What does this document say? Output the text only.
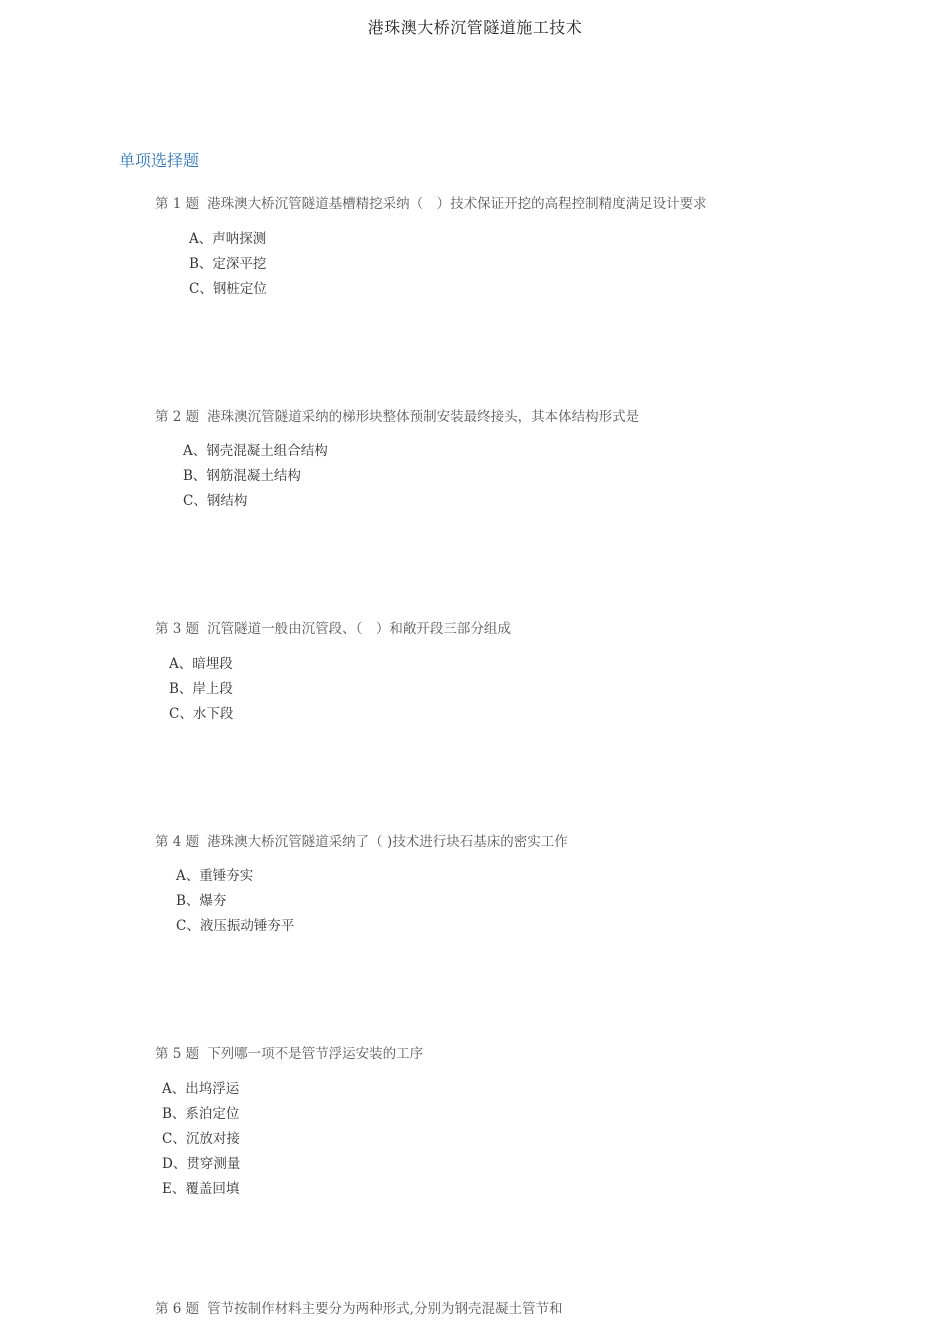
港珠澳大桥沉管隧道施工技术
单项选择题
第 1 题 港珠澳大桥沉管隧道基槽精挖采纳（　）技术保证开挖的高程控制精度满足设计要求
A、声呐探测
B、定深平挖
C、钢桩定位
第 2 题 港珠澳沉管隧道采纳的梯形块整体预制安装最终接头，其本体结构形式是
A、钢壳混凝土组合结构
B、钢筋混凝土结构
C、钢结构
第 3 题 沉管隧道一般由沉管段、（　）和敞开段三部分组成
A、暗埋段
B、岸上段
C、水下段
第 4 题 港珠澳大桥沉管隧道采纳了（ )技术进行块石基床的密实工作
A、重锤夯实
B、爆夯
C、液压振动锤夯平
第 5 题 下列哪一项不是管节浮运安装的工序
A、出坞浮运
B、系泊定位
C、沉放对接
D、贯穿测量
E、覆盖回填
第 6 题 管节按制作材料主要分为两种形式,分别为钢壳混凝土管节和
